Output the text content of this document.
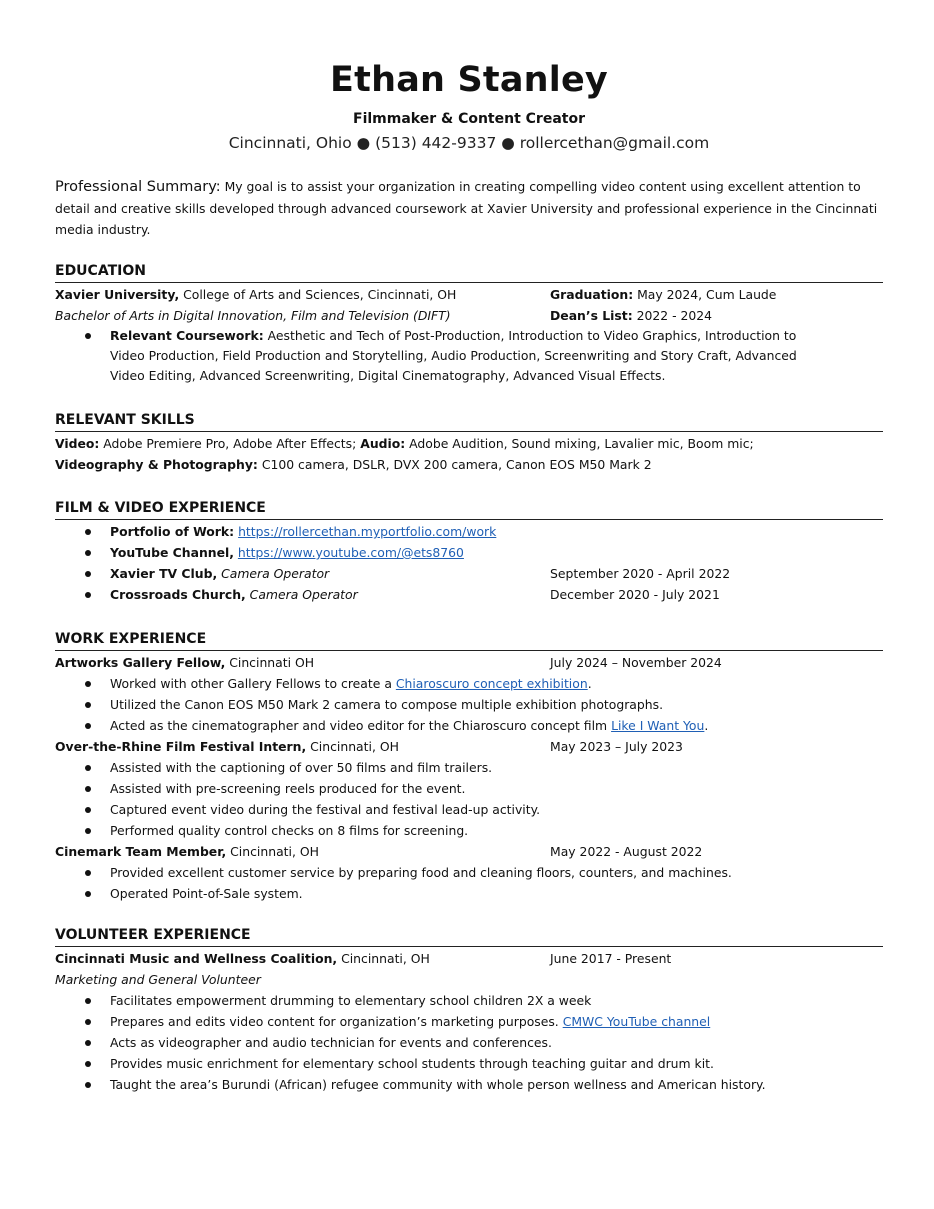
Ethan Stanley
Filmmaker & Content Creator
Cincinnati, Ohio ● (513) 442-9337 ● rollercethan@gmail.com
Professional Summary: My goal is to assist your organization in creating compelling video content using excellent attention to detail and creative skills developed through advanced coursework at Xavier University and professional experience in the Cincinnati media industry.
EDUCATION
Xavier University, College of Arts and Sciences, Cincinnati, OH	Graduation: May 2024, Cum Laude
Bachelor of Arts in Digital Innovation, Film and Television (DIFT)	Dean’s List: 2022 - 2024
Relevant Coursework: Aesthetic and Tech of Post-Production, Introduction to Video Graphics, Introduction to Video Production, Field Production and Storytelling, Audio Production, Screenwriting and Story Craft, Advanced Video Editing, Advanced Screenwriting, Digital Cinematography, Advanced Visual Effects.
RELEVANT SKILLS
Video: Adobe Premiere Pro, Adobe After Effects; Audio: Adobe Audition, Sound mixing, Lavalier mic, Boom mic;
Videography & Photography: C100 camera, DSLR, DVX 200 camera, Canon EOS M50 Mark 2
FILM & VIDEO EXPERIENCE
Portfolio of Work: https://rollercethan.myportfolio.com/work
YouTube Channel, https://www.youtube.com/@ets8760
Xavier TV Club, Camera Operator	September 2020 - April 2022
Crossroads Church, Camera Operator	December 2020 - July 2021
WORK EXPERIENCE
Artworks Gallery Fellow, Cincinnati OH	July 2024 – November 2024
Worked with other Gallery Fellows to create a Chiaroscuro concept exhibition.
Utilized the Canon EOS M50 Mark 2 camera to compose multiple exhibition photographs.
Acted as the cinematographer and video editor for the Chiaroscuro concept film Like I Want You.
Over-the-Rhine Film Festival Intern, Cincinnati, OH	May 2023 – July 2023
Assisted with the captioning of over 50 films and film trailers.
Assisted with pre-screening reels produced for the event.
Captured event video during the festival and festival lead-up activity.
Performed quality control checks on 8 films for screening.
Cinemark Team Member, Cincinnati, OH	May 2022 - August 2022
Provided excellent customer service by preparing food and cleaning floors, counters, and machines.
Operated Point-of-Sale system.
VOLUNTEER EXPERIENCE
Cincinnati Music and Wellness Coalition, Cincinnati, OH	June 2017 - Present
Marketing and General Volunteer
Facilitates empowerment drumming to elementary school children 2X a week
Prepares and edits video content for organization’s marketing purposes. CMWC YouTube channel
Acts as videographer and audio technician for events and conferences.
Provides music enrichment for elementary school students through teaching guitar and drum kit.
Taught the area’s Burundi (African) refugee community with whole person wellness and American history.
